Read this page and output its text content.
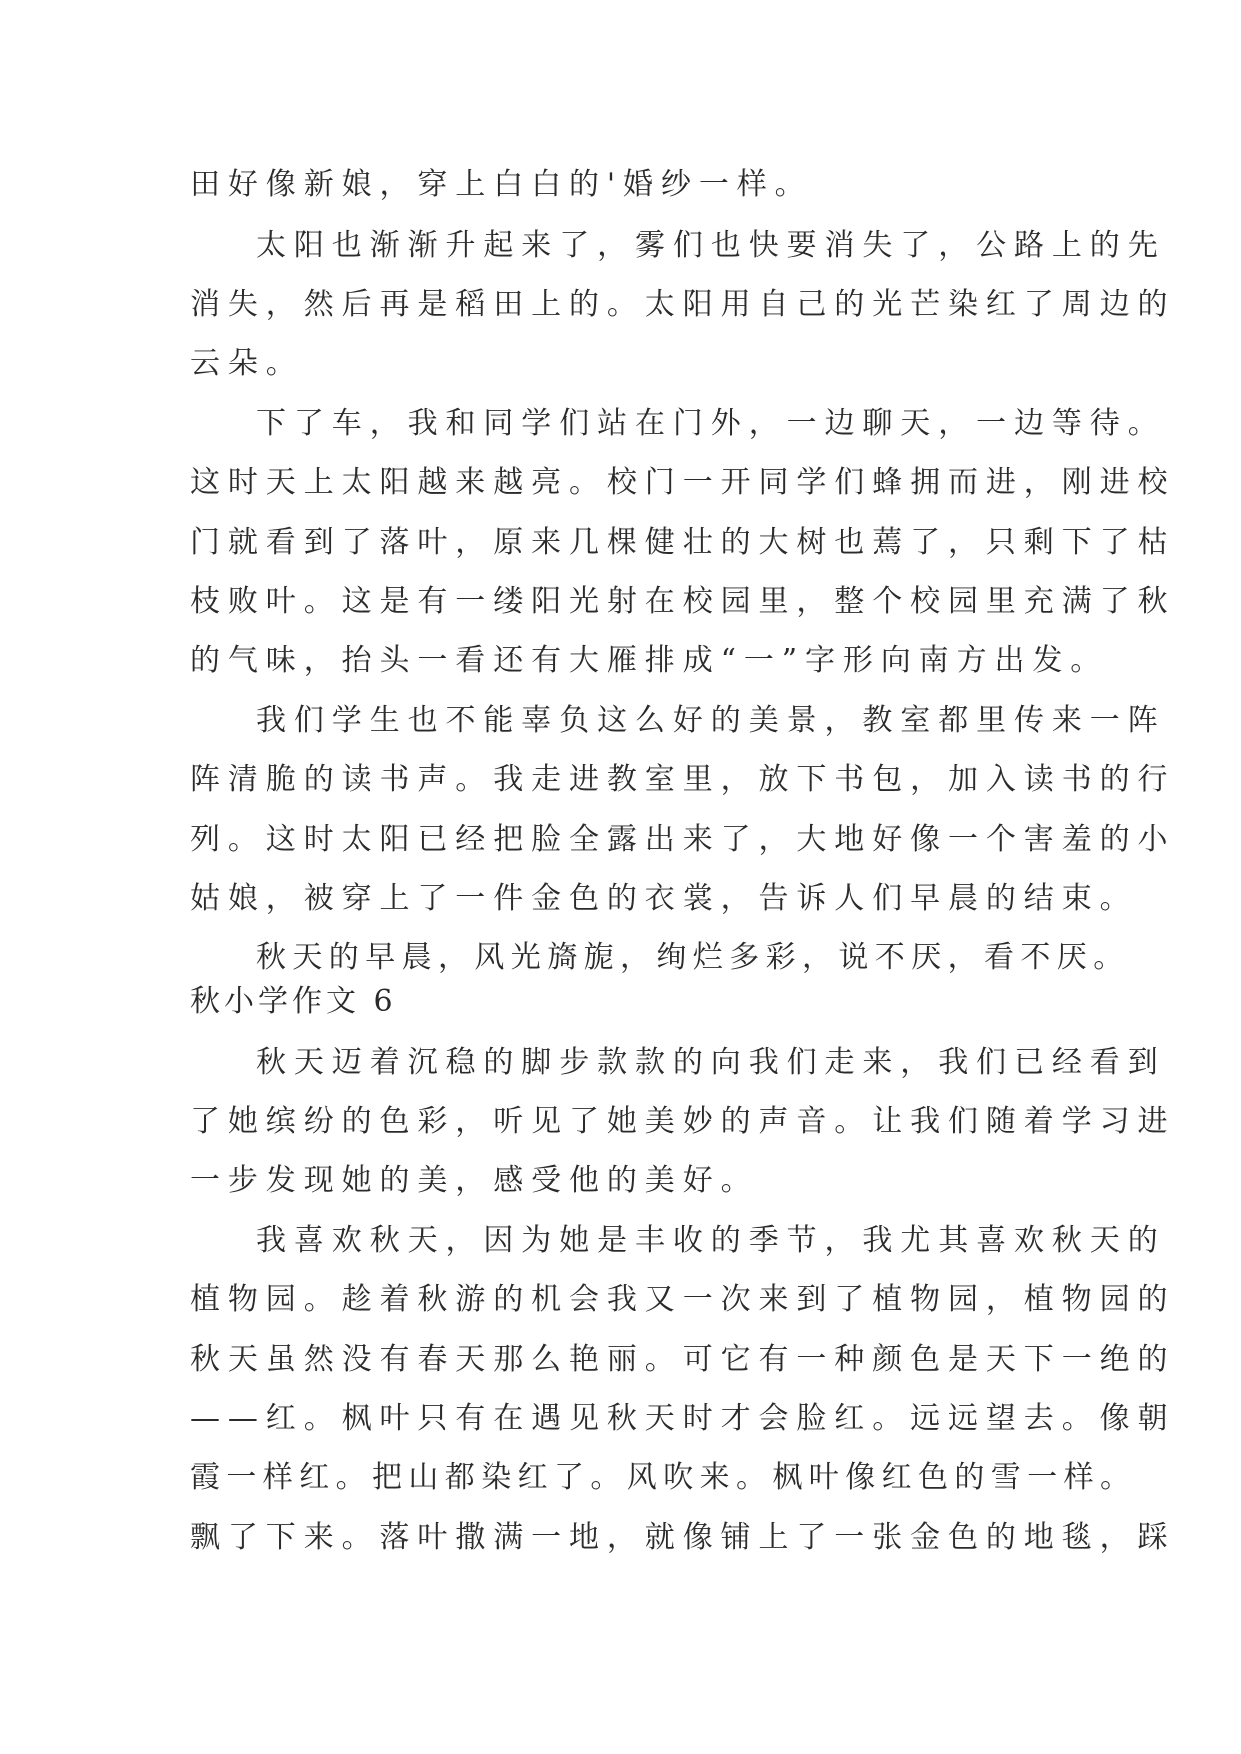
田好像新娘，穿上白白的'婚纱一样。
太阳也渐渐升起来了，雾们也快要消失了，公路上的先
消失，然后再是稻田上的。太阳用自己的光芒染红了周边的
云朵。
下了车，我和同学们站在门外，一边聊天，一边等待。
这时天上太阳越来越亮。校门一开同学们蜂拥而进，刚进校
门就看到了落叶，原来几棵健壮的大树也蔫了，只剩下了枯
枝败叶。这是有一缕阳光射在校园里，整个校园里充满了秋
的气味，抬头一看还有大雁排成“一”字形向南方出发。
我们学生也不能辜负这么好的美景，教室都里传来一阵
阵清脆的读书声。我走进教室里，放下书包，加入读书的行
列。这时太阳已经把脸全露出来了，大地好像一个害羞的小
姑娘，被穿上了一件金色的衣裳，告诉人们早晨的结束。
秋天的早晨，风光旖旎，绚烂多彩，说不厌，看不厌。
秋小学作文 6
秋天迈着沉稳的脚步款款的向我们走来，我们已经看到
了她缤纷的色彩，听见了她美妙的声音。让我们随着学习进
一步发现她的美，感受他的美好。
我喜欢秋天，因为她是丰收的季节，我尤其喜欢秋天的
植物园。趁着秋游的机会我又一次来到了植物园，植物园的
秋天虽然没有春天那么艳丽。可它有一种颜色是天下一绝的
——红。枫叶只有在遇见秋天时才会脸红。远远望去。像朝
霞一样红。把山都染红了。风吹来。枫叶像红色的雪一样。
飘了下来。落叶撒满一地，就像铺上了一张金色的地毯，踩
